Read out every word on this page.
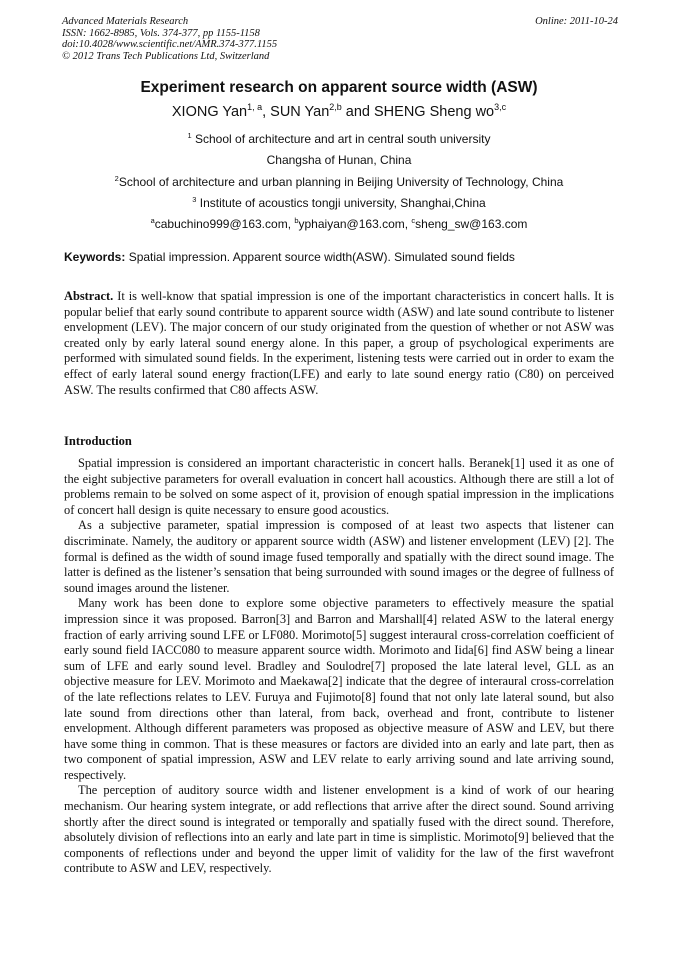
Advanced Materials Research
ISSN: 1662-8985, Vols. 374-377, pp 1155-1158
doi:10.4028/www.scientific.net/AMR.374-377.1155
© 2012 Trans Tech Publications Ltd, Switzerland
Online: 2011-10-24
Experiment research on apparent source width (ASW)
XIONG Yan$^{1, a}$, SUN Yan$^{2,b}$ and SHENG Sheng wo$^{3,c}$
$^1$ School of architecture and art in central south university
Changsha of Hunan, China
$^2$School of architecture and urban planning in Beijing University of Technology, China
$^3$ Institute of acoustics tongji university, Shanghai,China
$^a$cabuchino999@163.com, $^b$yphaiyan@163.com, $^c$sheng_sw@163.com
Keywords: Spatial impression. Apparent source width(ASW). Simulated sound fields
Abstract. It is well-know that spatial impression is one of the important characteristics in concert halls. It is popular belief that early sound contribute to apparent source width (ASW) and late sound contribute to listener envelopment (LEV). The major concern of our study originated from the question of whether or not ASW was created only by early lateral sound energy alone. In this paper, a group of psychological experiments are performed with simulated sound fields. In the experiment, listening tests were carried out in order to exam the effect of early lateral sound energy fraction(LFE) and early to late sound energy ratio (C80) on perceived ASW. The results confirmed that C80 affects ASW.
Introduction

Spatial impression is considered an important characteristic in concert halls. Beranek[1] used it as one of the eight subjective parameters for overall evaluation in concert hall acoustics. Although there are still a lot of problems remain to be solved on some aspect of it, provision of enough spatial impression in the implications of concert hall design is quite necessary to ensure good acoustics.

As a subjective parameter, spatial impression is composed of at least two aspects that listener can discriminate. Namely, the auditory or apparent source width (ASW) and listener envelopment (LEV) [2]. The formal is defined as the width of sound image fused temporally and spatially with the direct sound image. The latter is defined as the listener’s sensation that being surrounded with sound images or the degree of fullness of sound images around the listener.

Many work has been done to explore some objective parameters to effectively measure the spatial impression since it was proposed. Barron[3] and Barron and Marshall[4] related ASW to the lateral energy fraction of early arriving sound LFE or LF080. Morimoto[5] suggest interaural cross-correlation coefficient of early sound field IACC080 to measure apparent source width. Morimoto and Iida[6] find ASW being a linear sum of LFE and early sound level. Bradley and Soulodre[7] proposed the late lateral level, GLL as an objective measure for LEV. Morimoto and Maekawa[2] indicate that the degree of interaural cross-correlation of the late reflections relates to LEV. Furuya and Fujimoto[8] found that not only late lateral sound, but also late sound from directions other than lateral, from back, overhead and front, contribute to listener envelopment. Although different parameters was proposed as objective measure of ASW and LEV, but there have some thing in common. That is these measures or factors are divided into an early and late part, then as two component of spatial impression, ASW and LEV relate to early arriving sound and late arriving sound, respectively.

The perception of auditory source width and listener envelopment is a kind of work of our hearing mechanism. Our hearing system integrate, or add reflections that arrive after the direct sound. Sound arriving shortly after the direct sound is integrated or temporally and spatially fused with the direct sound. Therefore, absolutely division of reflections into an early and late part in time is simplistic. Morimoto[9] believed that the components of reflections under and beyond the upper limit of validity for the law of the first wavefront contribute to ASW and LEV, respectively.
